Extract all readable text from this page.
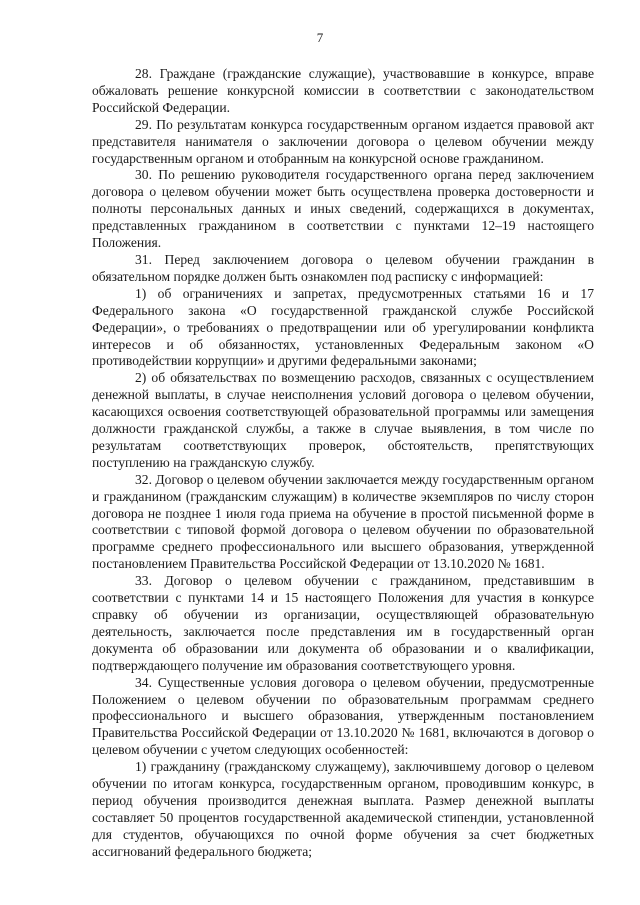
7

28. Граждане (гражданские служащие), участвовавшие в конкурсе, вправе обжаловать решение конкурсной комиссии в соответствии с законодательством Российской Федерации.

29. По результатам конкурса государственным органом издается правовой акт представителя нанимателя о заключении договора о целевом обучении между государственным органом и отобранным на конкурсной основе гражданином.

30. По решению руководителя государственного органа перед заключением договора о целевом обучении может быть осуществлена проверка достоверности и полноты персональных данных и иных сведений, содержащихся в документах, представленных гражданином в соответствии с пунктами 12–19 настоящего Положения.

31. Перед заключением договора о целевом обучении гражданин в обязательном порядке должен быть ознакомлен под расписку с информацией:

1) об ограничениях и запретах, предусмотренных статьями 16 и 17 Федерального закона «О государственной гражданской службе Российской Федерации», о требованиях о предотвращении или об урегулировании конфликта интересов и об обязанностях, установленных Федеральным законом «О противодействии коррупции» и другими федеральными законами;

2) об обязательствах по возмещению расходов, связанных с осуществлением денежной выплаты, в случае неисполнения условий договора о целевом обучении, касающихся освоения соответствующей образовательной программы или замещения должности гражданской службы, а также в случае выявления, в том числе по результатам соответствующих проверок, обстоятельств, препятствующих поступлению на гражданскую службу.

32. Договор о целевом обучении заключается между государственным органом и гражданином (гражданским служащим) в количестве экземпляров по числу сторон договора не позднее 1 июля года приема на обучение в простой письменной форме в соответствии с типовой формой договора о целевом обучении по образовательной программе среднего профессионального или высшего образования, утвержденной постановлением Правительства Российской Федерации от 13.10.2020 № 1681.

33. Договор о целевом обучении с гражданином, представившим в соответствии с пунктами 14 и 15 настоящего Положения для участия в конкурсе справку об обучении из организации, осуществляющей образовательную деятельность, заключается после представления им в государственный орган документа об образовании или документа об образовании и о квалификации, подтверждающего получение им образования соответствующего уровня.

34. Существенные условия договора о целевом обучении, предусмотренные Положением о целевом обучении по образовательным программам среднего профессионального и высшего образования, утвержденным постановлением Правительства Российской Федерации от 13.10.2020 № 1681, включаются в договор о целевом обучении с учетом следующих особенностей:

1) гражданину (гражданскому служащему), заключившему договор о целевом обучении по итогам конкурса, государственным органом, проводившим конкурс, в период обучения производится денежная выплата. Размер денежной выплаты составляет 50 процентов государственной академической стипендии, установленной для студентов, обучающихся по очной форме обучения за счет бюджетных ассигнований федерального бюджета;
